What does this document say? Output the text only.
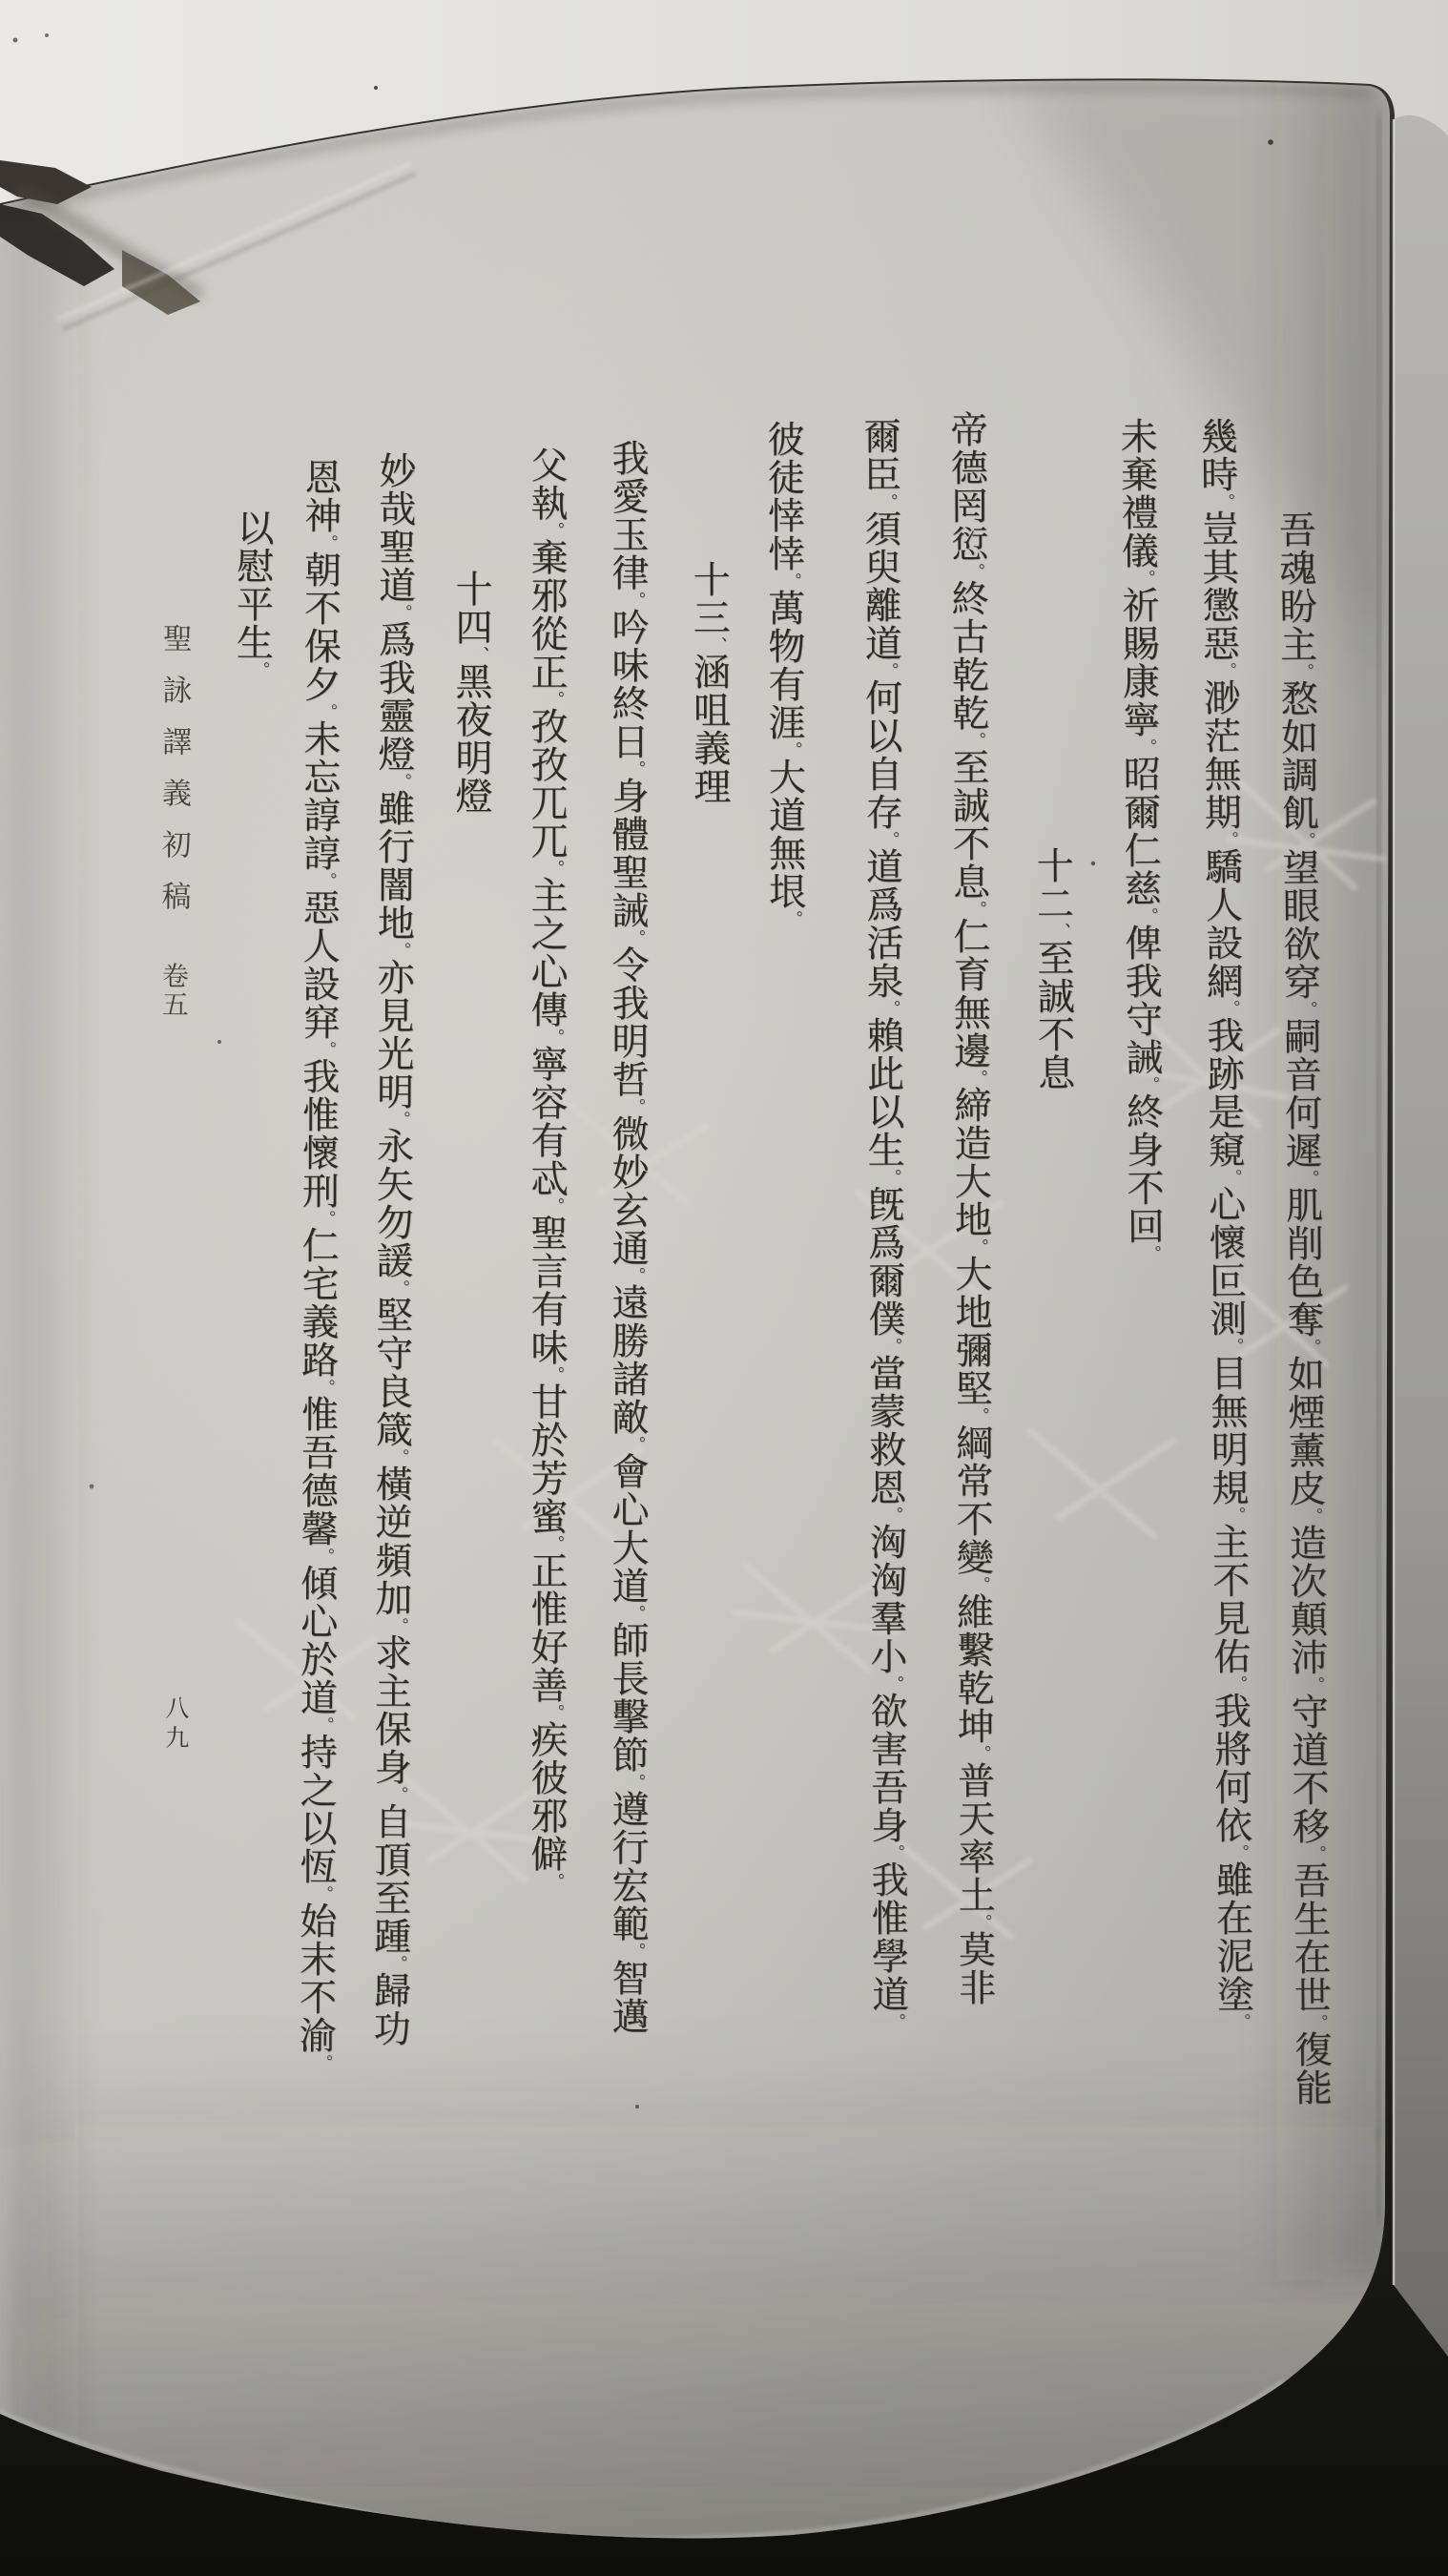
吾魂盼主。愗如調飢。望眼欲穿。嗣音何遲。肌削色奪。如煙薰皮。造次顛沛。守道不移。吾生在世。復能
幾時。豈其懲惡。渺茫無期。驕人設網。我跡是窺。心懷叵測。目無明規。主不見佑。我將何依。雖在泥塗。
未棄禮儀。祈賜康寧。昭爾仁慈。俾我守誡。終身不回。
十二、至誠不息
帝德罔愆。終古乾乾。至誠不息。仁育無邊。締造大地。大地彌堅。綱常不變。維繫乾坤。普天率土。莫非
爾臣。須臾離道。何以自存。道爲活泉。賴此以生。旣爲爾僕。當蒙救恩。洶洶羣小。欲害吾身。我惟學道。
彼徒悻悻。萬物有涯。大道無垠。
十三、涵咀義理
我愛玉律。吟味終日。身體聖誡。令我明哲。微妙玄通。遠勝諸敵。會心大道。師長擊節。遵行宏範。智邁
父執。棄邪從正。孜孜兀兀。主之心傳。寧容有忒。聖言有味。甘於芳蜜。正惟好善。疾彼邪僻。
十四、黑夜明燈
妙哉聖道。爲我靈燈。雖行闇地。亦見光明。永矢勿諼。堅守良箴。橫逆頻加。求主保身。自頂至踵。歸功
恩神。朝不保夕。未忘諄諄。惡人設穽。我惟懷刑。仁宅義路。惟吾德馨。傾心於道。持之以恆。始末不渝。
以慰平生。
聖詠譯義初稿
卷五
八九
